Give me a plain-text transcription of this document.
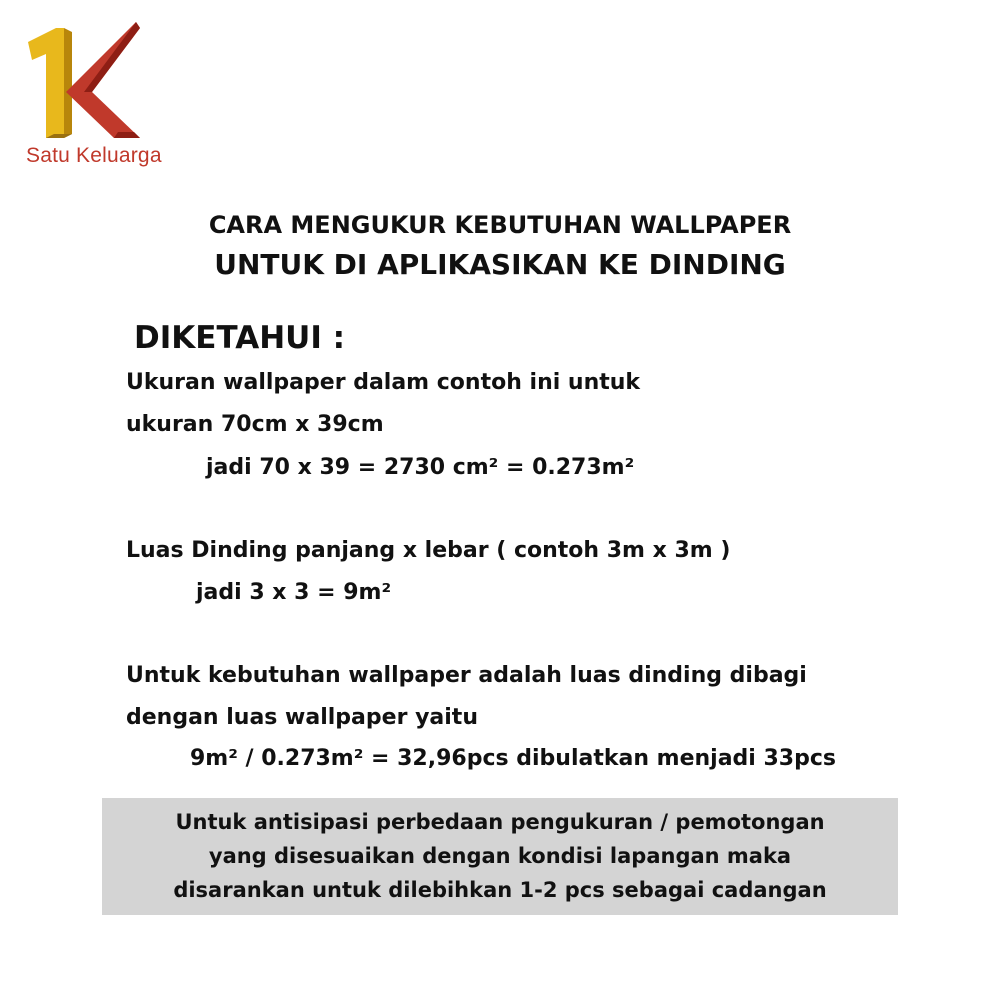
Satu Keluarga
CARA MENGUKUR KEBUTUHAN WALLPAPER
UNTUK DI APLIKASIKAN KE DINDING
DIKETAHUI :
Ukuran wallpaper dalam contoh ini untuk
ukuran 70cm x 39cm
jadi 70 x 39 = 2730 cm² = 0.273m²
Luas Dinding panjang x lebar ( contoh 3m x 3m )
jadi 3 x 3 = 9m²
Untuk kebutuhan wallpaper adalah luas dinding dibagi
dengan luas wallpaper yaitu
9m² / 0.273m² = 32,96pcs dibulatkan menjadi 33pcs
Untuk antisipasi perbedaan pengukuran / pemotongan
yang disesuaikan dengan kondisi lapangan maka
disarankan untuk dilebihkan 1-2 pcs sebagai cadangan
